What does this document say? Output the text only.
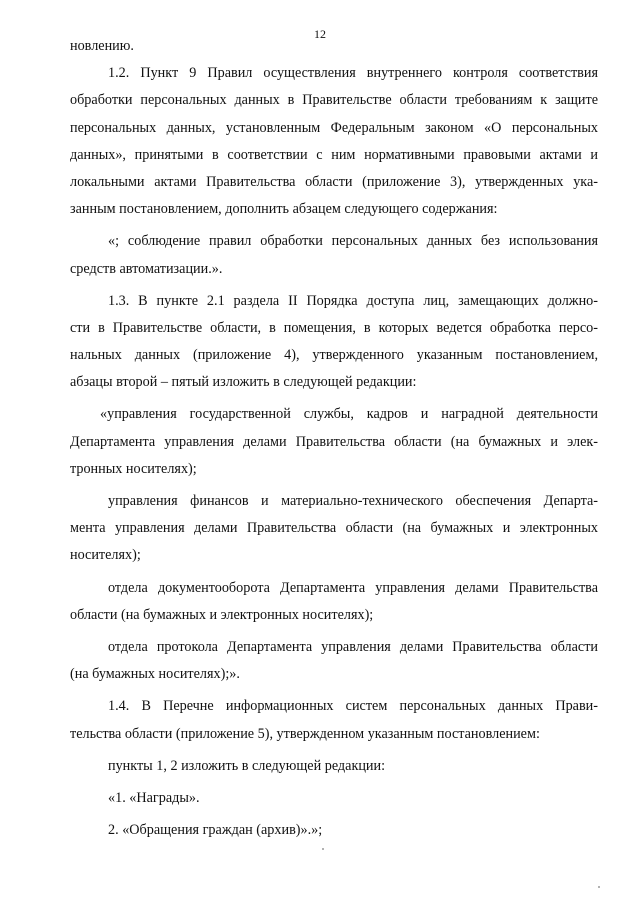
12
новлению.
1.2. Пункт 9 Правил осуществления внутреннего контроля соответствия
обработки персональных данных в Правительстве области требованиям к защите
персональных данных, установленным Федеральным законом «О персональных
данных», принятыми в соответствии с ним нормативными правовыми актами и
локальными актами Правительства области (приложение 3), утвержденных ука-
занным постановлением, дополнить абзацем следующего содержания:
«; соблюдение правил обработки персональных данных без использования
средств автоматизации.».
1.3. В пункте 2.1 раздела II Порядка доступа лиц, замещающих должно-
сти в Правительстве области, в помещения, в которых ведется обработка персо-
нальных данных (приложение 4), утвержденного указанным постановлением,
абзацы второй – пятый изложить в следующей редакции:
«управления государственной службы, кадров и наградной деятельности
Департамента управления делами Правительства области (на бумажных и элек-
тронных носителях);
управления финансов и материально-технического обеспечения Департа-
мента управления делами Правительства области (на бумажных и электронных
носителях);
отдела документооборота Департамента управления делами Правительства
области (на бумажных и электронных носителях);
отдела протокола Департамента управления делами Правительства области
(на бумажных носителях);».
1.4. В Перечне информационных систем персональных данных Прави-
тельства области (приложение 5), утвержденном указанным постановлением:
пункты 1, 2 изложить в следующей редакции:
«1. «Награды».
2. «Обращения граждан (архив)».»;
